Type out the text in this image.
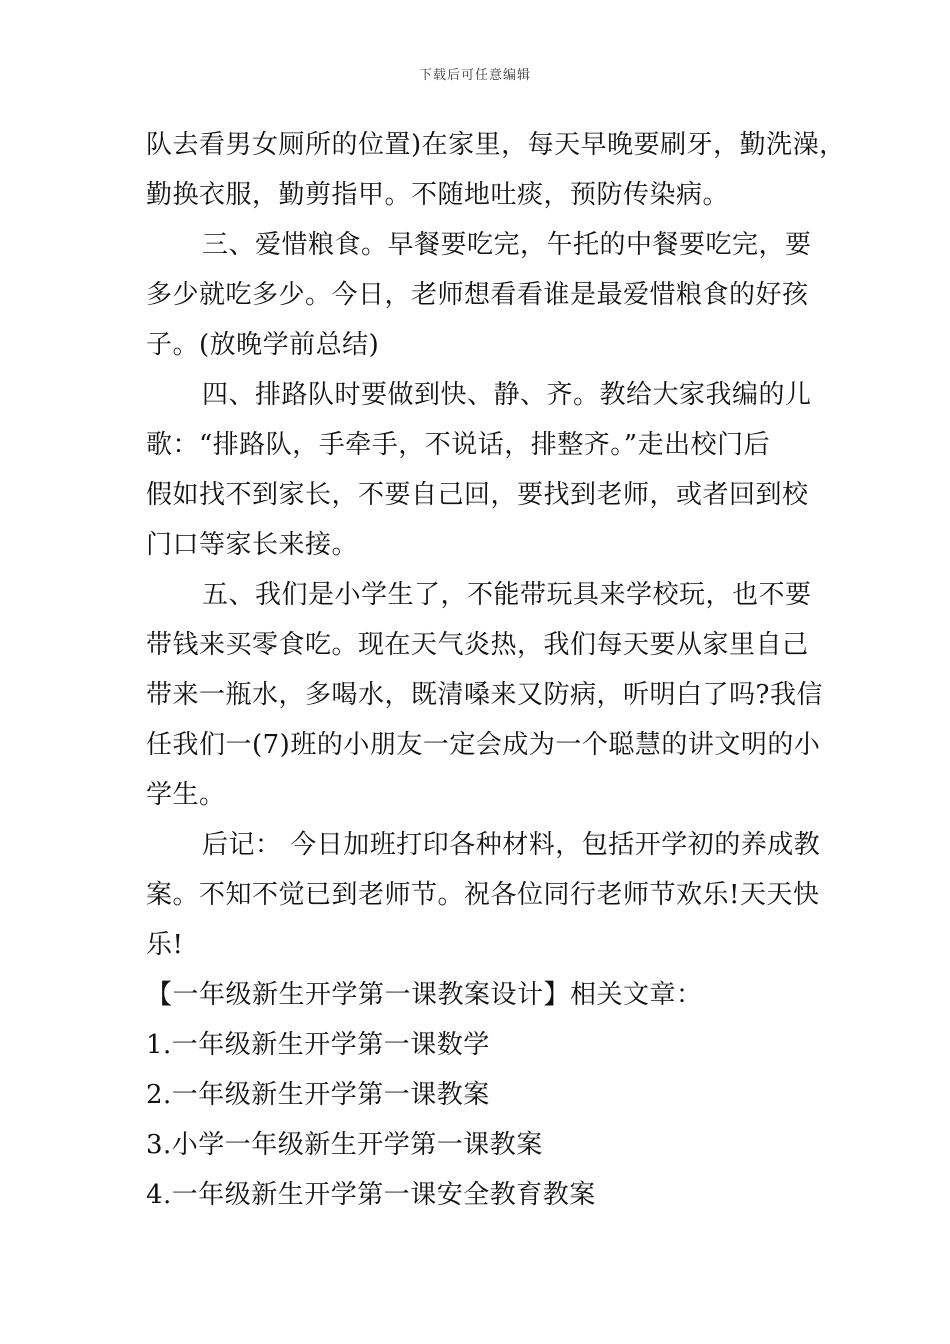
下载后可任意编辑
队去看男女厕所的位置)在家里，每天早晚要刷牙，勤洗澡，
勤换衣服，勤剪指甲。不随地吐痰，预防传染病。
三、爱惜粮食。早餐要吃完，午托的中餐要吃完，要
多少就吃多少。今日，老师想看看谁是最爱惜粮食的好孩
子。(放晚学前总结)
四、排路队时要做到快、静、齐。教给大家我编的儿
歌：“排路队，手牵手，不说话，排整齐。”走出校门后
假如找不到家长，不要自己回，要找到老师，或者回到校
门口等家长来接。
五、我们是小学生了，不能带玩具来学校玩，也不要
带钱来买零食吃。现在天气炎热，我们每天要从家里自己
带来一瓶水，多喝水，既清嗓来又防病，听明白了吗?我信
任我们一(7)班的小朋友一定会成为一个聪慧的讲文明的小
学生。
后记： 今日加班打印各种材料，包括开学初的养成教
案。不知不觉已到老师节。祝各位同行老师节欢乐!天天快
乐!
【一年级新生开学第一课教案设计】相关文章：
1.一年级新生开学第一课数学
2.一年级新生开学第一课教案
3.小学一年级新生开学第一课教案
4.一年级新生开学第一课安全教育教案
